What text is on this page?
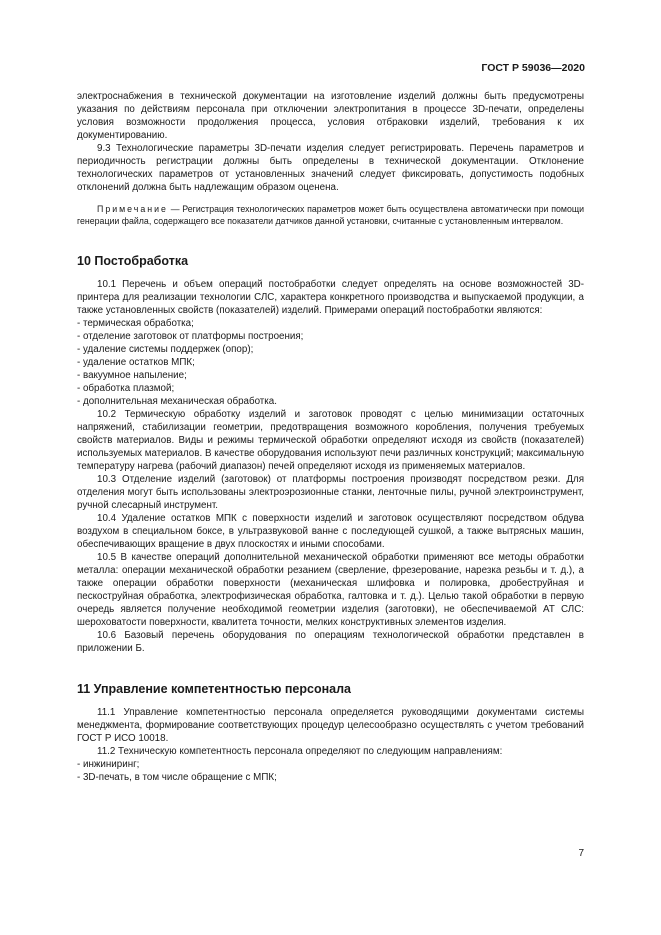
ГОСТ Р 59036—2020

электроснабжения в технической документации на изготовление изделий должны быть предусмотрены указания по действиям персонала при отключении электропитания в процессе 3D-печати, определены условия возможности продолжения процесса, условия отбраковки изделий, требования к их документированию.

9.3 Технологические параметры 3D-печати изделия следует регистрировать. Перечень параметров и периодичность регистрации должны быть определены в технической документации. Отклонение технологических параметров от установленных значений следует фиксировать, допустимость подобных отклонений должна быть надлежащим образом оценена.

Примечание — Регистрация технологических параметров может быть осуществлена автоматически при помощи генерации файла, содержащего все показатели датчиков данной установки, считанные с установленным интервалом.

10 Постобработка

10.1 Перечень и объем операций постобработки следует определять на основе возможностей 3D-принтера для реализации технологии СЛС, характера конкретного производства и выпускаемой продукции, а также установленных свойств (показателей) изделий. Примерами операций постобработки являются:

- термическая обработка;
- отделение заготовок от платформы построения;
- удаление системы поддержек (опор);
- удаление остатков МПК;
- вакуумное напыление;
- обработка плазмой;
- дополнительная механическая обработка.

10.2 Термическую обработку изделий и заготовок проводят с целью минимизации остаточных напряжений, стабилизации геометрии, предотвращения возможного коробления, получения требуемых свойств материалов. Виды и режимы термической обработки определяют исходя из свойств (показателей) используемых материалов. В качестве оборудования используют печи различных конструкций; максимальную температуру нагрева (рабочий диапазон) печей определяют исходя из применяемых материалов.

10.3 Отделение изделий (заготовок) от платформы построения производят посредством резки. Для отделения могут быть использованы электроэрозионные станки, ленточные пилы, ручной электроинструмент, ручной слесарный инструмент.

10.4 Удаление остатков МПК с поверхности изделий и заготовок осуществляют посредством обдува воздухом в специальном боксе, в ультразвуковой ванне с последующей сушкой, а также вытрясных машин, обеспечивающих вращение в двух плоскостях и иными способами.

10.5 В качестве операций дополнительной механической обработки применяют все методы обработки металла: операции механической обработки резанием (сверление, фрезерование, нарезка резьбы и т. д.), а также операции обработки поверхности (механическая шлифовка и полировка, дробеструйная и пескоструйная обработка, электрофизическая обработка, галтовка и т. д.). Целью такой обработки в первую очередь является получение необходимой геометрии изделия (заготовки), не обеспечиваемой АТ СЛС: шероховатости поверхности, квалитета точности, мелких конструктивных элементов изделия.

10.6 Базовый перечень оборудования по операциям технологической обработки представлен в приложении Б.

11 Управление компетентностью персонала

11.1 Управление компетентностью персонала определяется руководящими документами системы менеджмента, формирование соответствующих процедур целесообразно осуществлять с учетом требований ГОСТ Р ИСО 10018.

11.2 Техническую компетентность персонала определяют по следующим направлениям:

- инжиниринг;
- 3D-печать, в том числе обращение с МПК;
7
